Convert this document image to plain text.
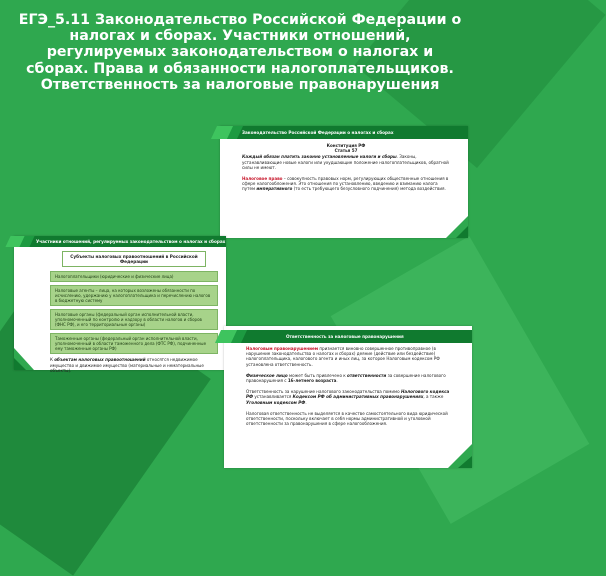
ЕГЭ_5.11 Законодательство Российской Федерации о налогах и сборах. Участники отношений, регулируемых законодательством о налогах и сборах. Права и обязанности налогоплательщиков. Ответственность за налоговые правонарушения
Законодательство Российской Федерации о налогах и сборах
Конституция РФ
Статья 57
Каждый обязан платить законно установленные налоги и сборы. Законы, устанавливающие новые налоги или ухудшающие положение налогоплательщиков, обратной силы не имеют.
Налоговое право – совокупность правовых норм, регулирующих общественные отношения в сфере налогообложения. Это отношения по установлению, введению и взиманию налога путем императивного (то есть требующего безусловного подчинения) метода воздействия.
Участники отношений, регулируемых законодательством о налогах и сборах
Субъекты налоговых правоотношений в Российской Федерации
Налогоплательщики (юридические и физические лица)
Налоговые агенты – лица, на которых возложены обязанности по исчислению, удержанию у налогоплательщика и перечислению налогов в бюджетную систему
Налоговые органы (федеральный орган исполнительной власти, уполномоченный по контролю и надзору в области налогов и сборов (ФНС РФ), и его территориальные органы)
Таможенные органы (федеральный орган исполнительной власти, уполномоченный в области таможенного дела (ФТС РФ), подчиненные ему таможенные органы РФ)
К объектам налоговых правоотношений относятся недвижимое имущество и движимое имущество (материальные и нематериальные объекты).
Ответственность за налоговые правонарушения
Налоговым правонарушением признается виновно совершенное противоправное (в нарушение законодательства о налогах и сборах) деяние (действие или бездействие) налогоплательщика, налогового агента и иных лиц, за которое Налоговым кодексом РФ установлена ответственность.
Физическое лицо может быть привлечено к ответственности за совершение налогового правонарушения с 16-летнего возраста.
Ответственность за нарушение налогового законодательства помимо Налогового кодекса РФ устанавливается Кодексом РФ об административных правонарушениях, а также Уголовным кодексом РФ.
Налоговая ответственность не выделяется в качестве самостоятельного вида юридической ответственности, поскольку включает в себя нормы административной и уголовной ответственности за правонарушения в сфере налогообложения.
